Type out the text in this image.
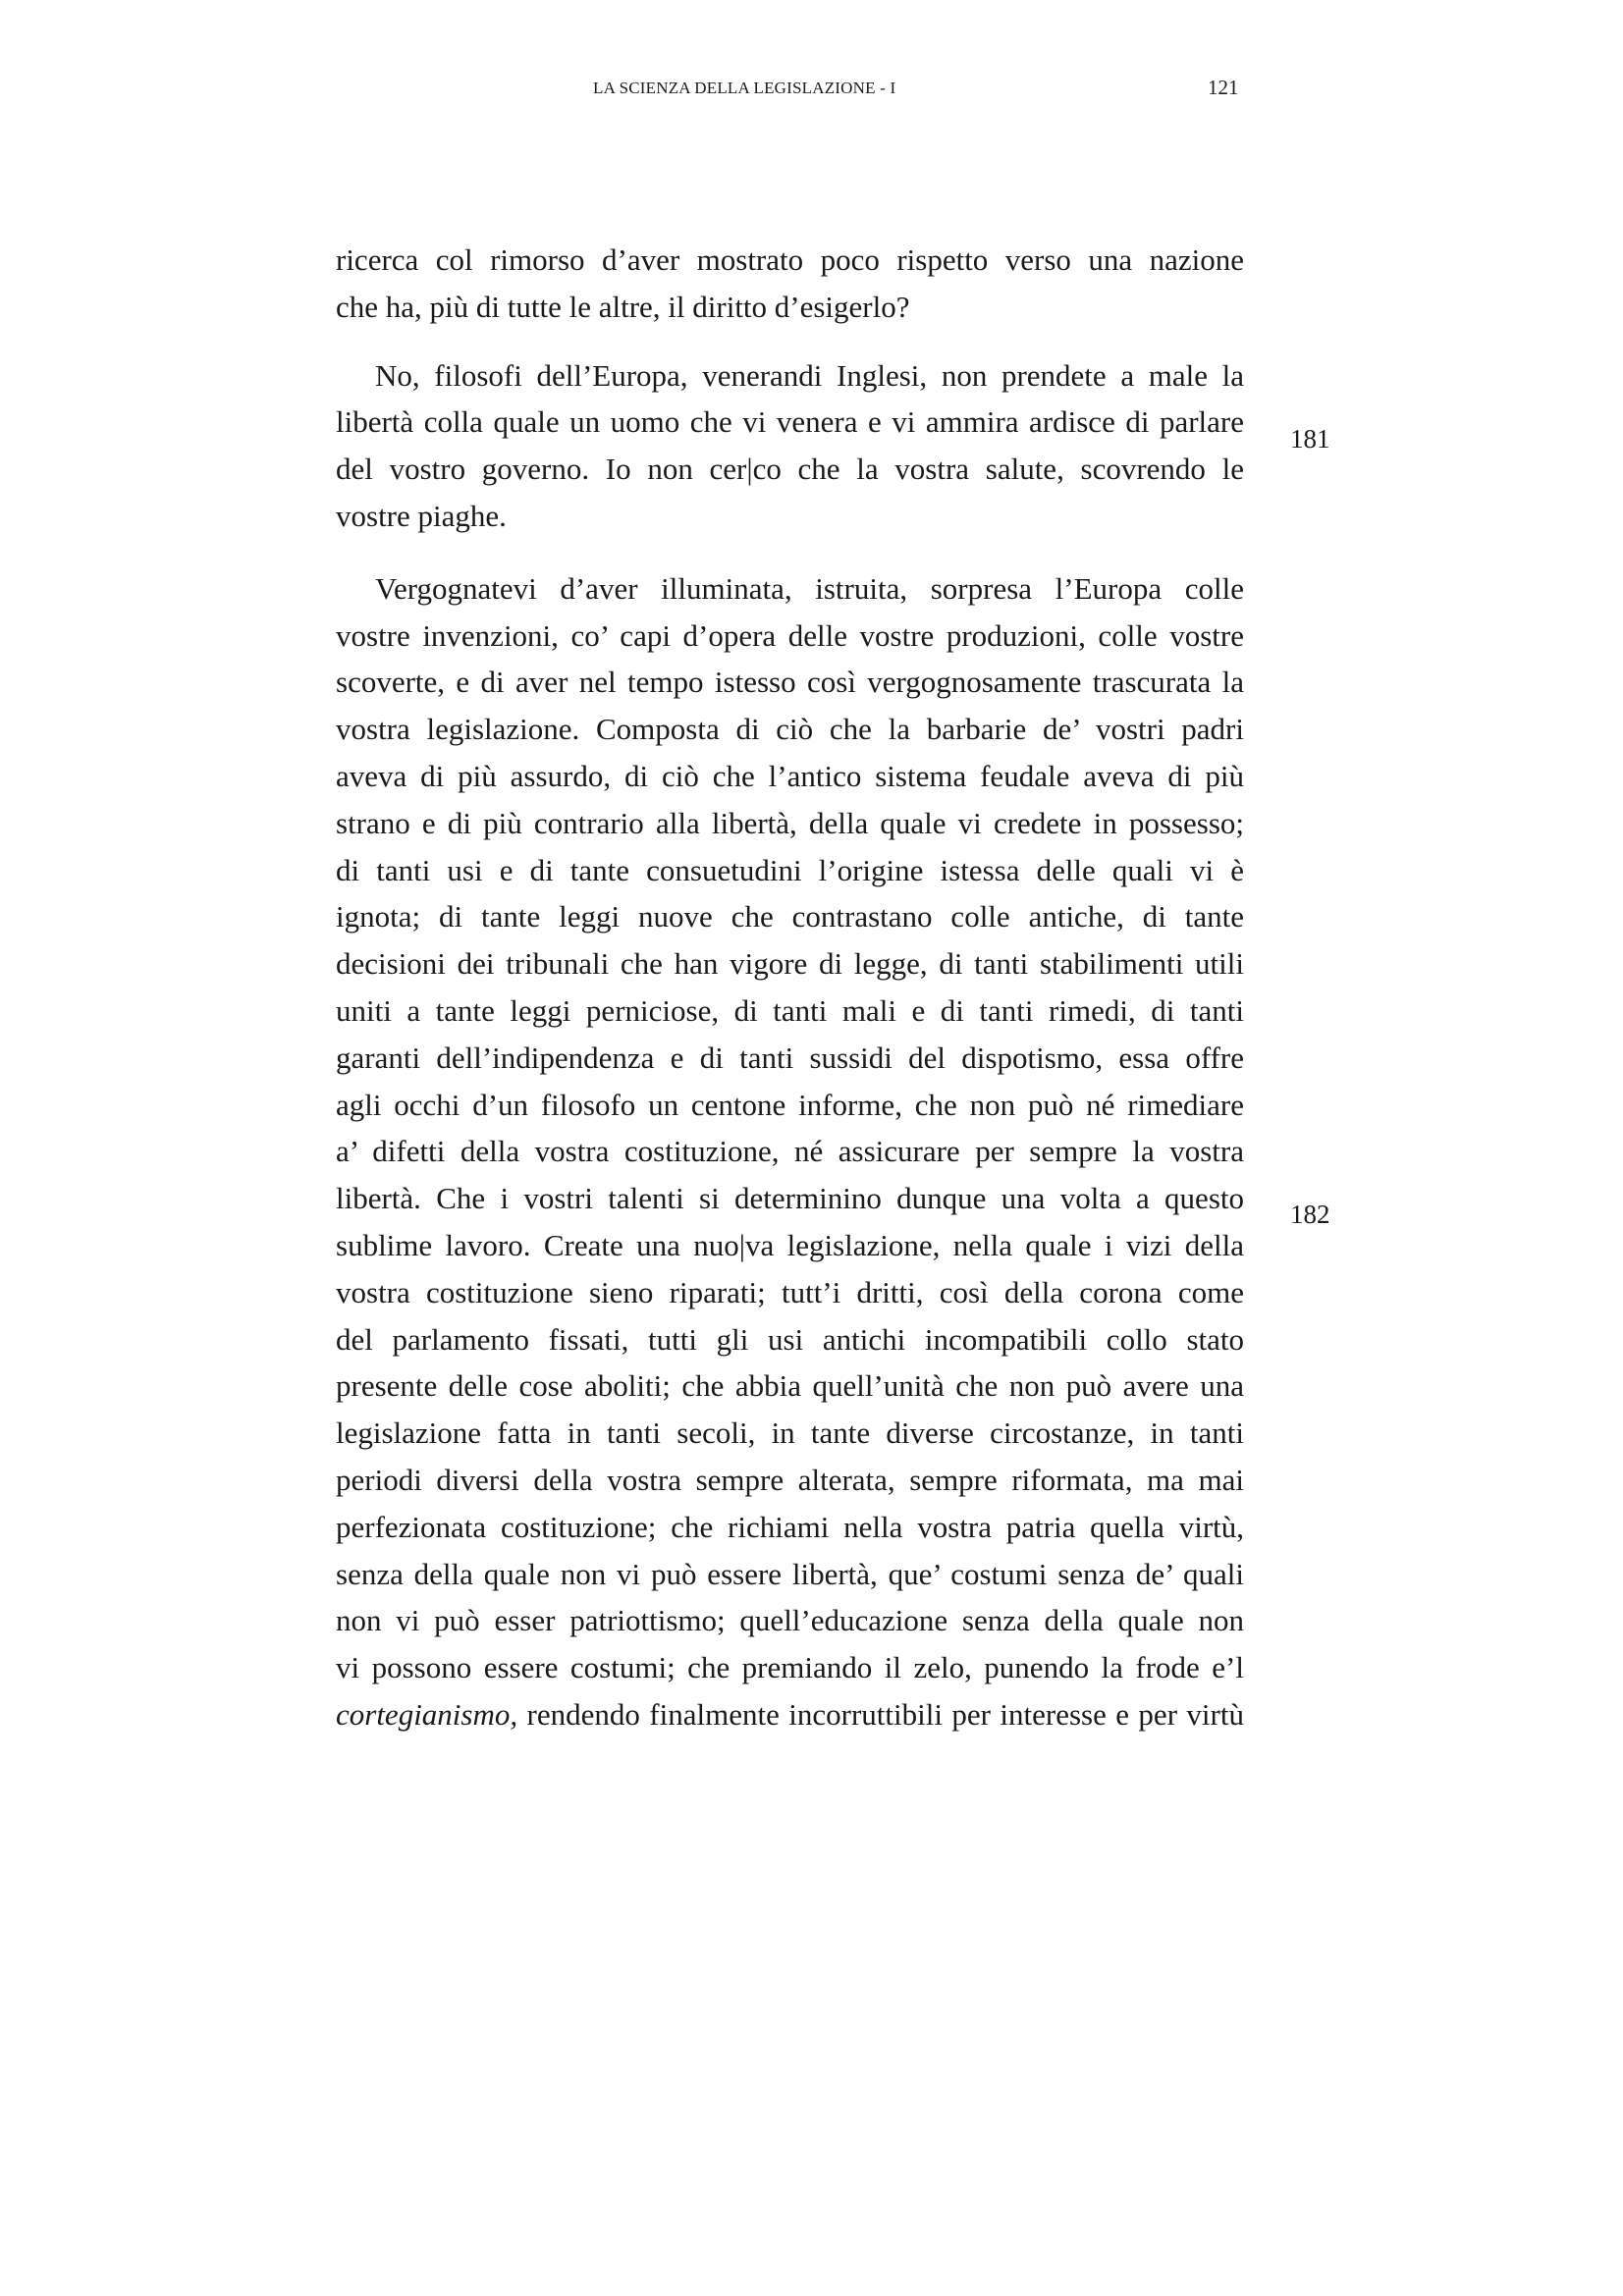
LA SCIENZA DELLA LEGISLAZIONE - I	121
181
182
ricerca col rimorso d’aver mostrato poco rispetto verso una nazione
che ha, più di tutte le altre, il diritto d’esigerlo?
No, filosofi dell’Europa, venerandi Inglesi, non prendete a male la
libertà colla quale un uomo che vi venera e vi ammira ardisce di parlare
del vostro governo. Io non cer|co che la vostra salute, scovrendo le
vostre piaghe.
Vergognatevi d’aver illuminata, istruita, sorpresa l’Europa colle
vostre invenzioni, co’ capi d’opera delle vostre produzioni, colle vostre
scoverte, e di aver nel tempo istesso così vergognosamente trascurata la
vostra legislazione. Composta di ciò che la barbarie de’ vostri padri
aveva di più assurdo, di ciò che l’antico sistema feudale aveva di più
strano e di più contrario alla libertà, della quale vi credete in possesso;
di tanti usi e di tante consuetudini l’origine istessa delle quali vi è
ignota; di tante leggi nuove che contrastano colle antiche, di tante
decisioni dei tribunali che han vigore di legge, di tanti stabilimenti utili
uniti a tante leggi perniciose, di tanti mali e di tanti rimedi, di tanti
garanti dell’indipendenza e di tanti sussidi del dispotismo, essa offre
agli occhi d’un filosofo un centone informe, che non può né rimediare
a’ difetti della vostra costituzione, né assicurare per sempre la vostra
libertà. Che i vostri talenti si determinino dunque una volta a questo
sublime lavoro. Create una nuo|va legislazione, nella quale i vizi della
vostra costituzione sieno riparati; tutt’i dritti, così della corona come
del parlamento fissati, tutti gli usi antichi incompatibili collo stato
presente delle cose aboliti; che abbia quell’unità che non può avere una
legislazione fatta in tanti secoli, in tante diverse circostanze, in tanti
periodi diversi della vostra sempre alterata, sempre riformata, ma mai
perfezionata costituzione; che richiami nella vostra patria quella virtù,
senza della quale non vi può essere libertà, que’ costumi senza de’ quali
non vi può esser patriottismo; quell’educazione senza della quale non
vi possono essere costumi; che premiando il zelo, punendo la frode e’l
cortegianismo, rendendo finalmente incorruttibili per interesse e per virtù
